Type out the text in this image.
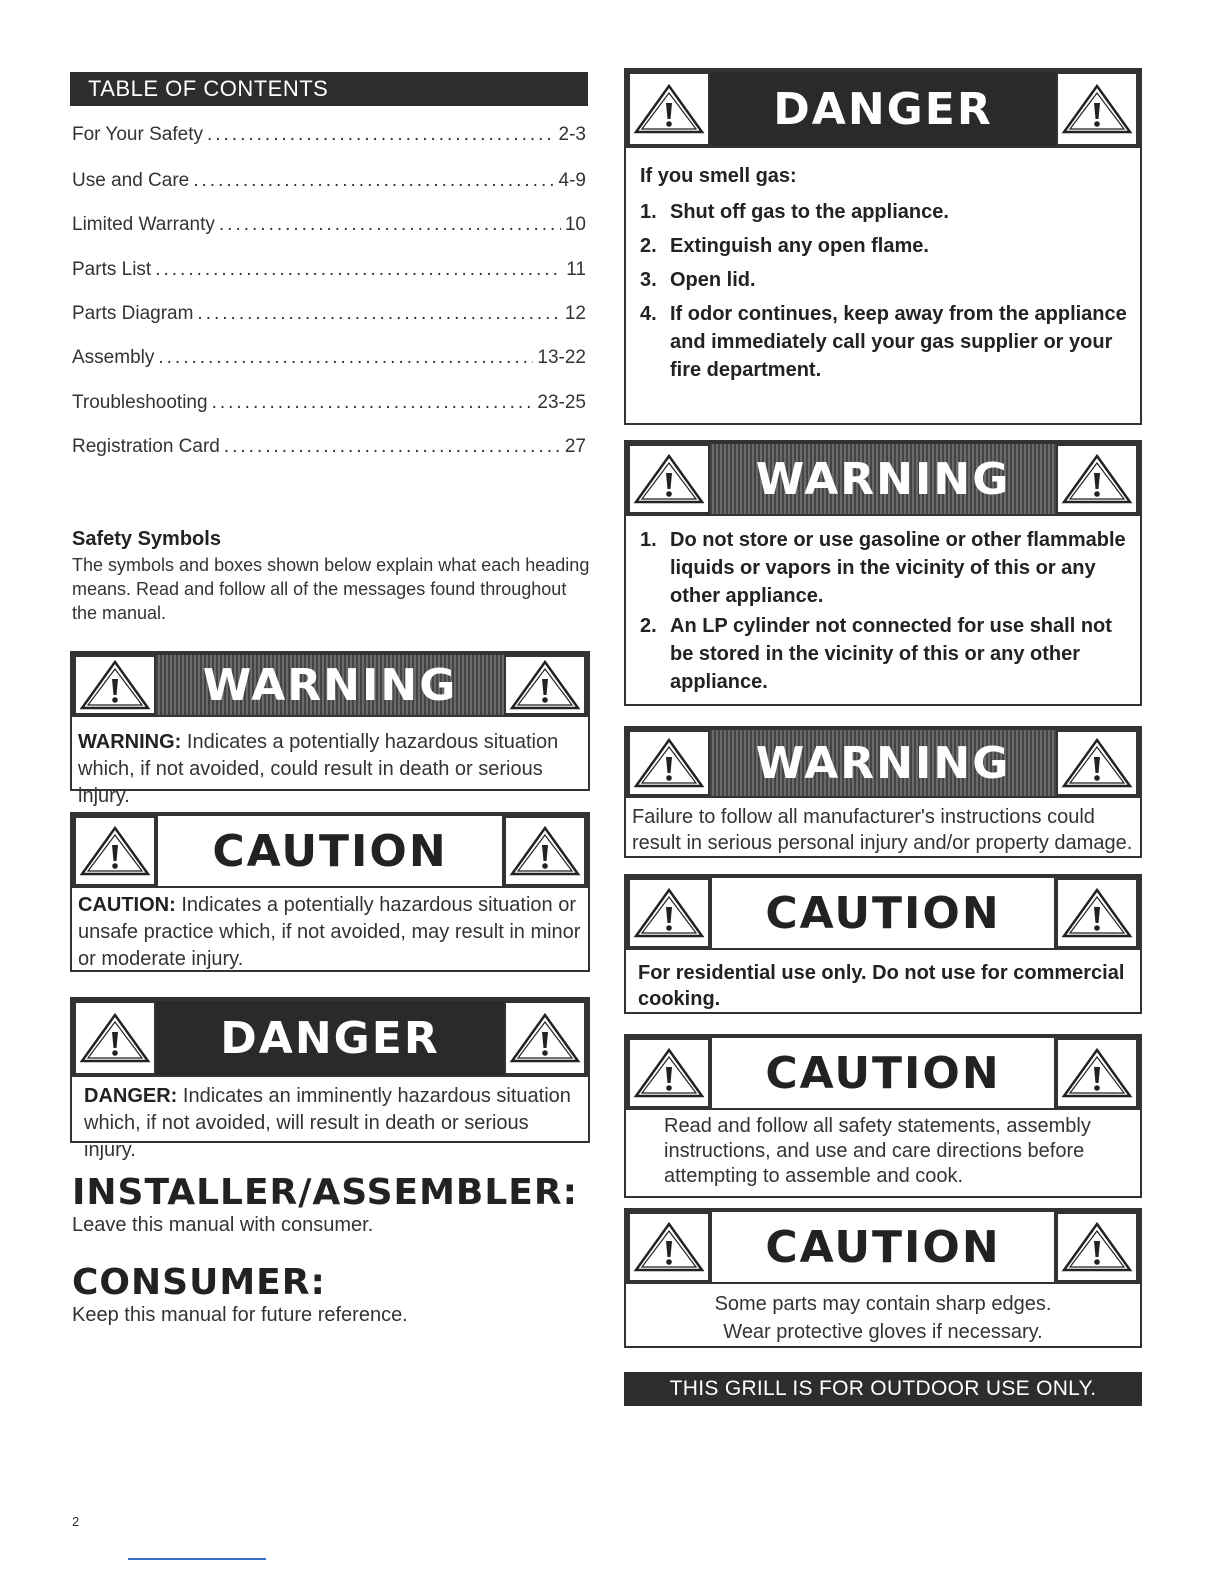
TABLE OF CONTENTS
For Your Safety .....	2-3
Use and Care .....	4-9
Limited Warranty .....	10
Parts List .....	11
Parts Diagram .....	12
Assembly .....	13-22
Troubleshooting .....	23-25
Registration Card .....	27
Safety Symbols
The symbols and boxes shown below explain what each heading means. Read and follow all of the messages found throughout the manual.
WARNING
WARNING: Indicates a potentially hazardous situation which, if not avoided, could result in death or serious injury.
CAUTION
CAUTION: Indicates a potentially hazardous situation or unsafe practice which, if not avoided, may result in minor or moderate injury.
DANGER
DANGER: Indicates an imminently hazardous situation which, if not avoided, will result in death or serious injury.
INSTALLER/ASSEMBLER:
Leave this manual with consumer.
CONSUMER:
Keep this manual for future reference.
DANGER
If you smell gas:
1. Shut off gas to the appliance.
2. Extinguish any open flame.
3. Open lid.
4. If odor continues, keep away from the appliance and immediately call your gas supplier or your fire department.
WARNING
1. Do not store or use gasoline or other flammable liquids or vapors in the vicinity of this or any other appliance.
2. An LP cylinder not connected for use shall not be stored in the vicinity of this or any other appliance.
WARNING
Failure to follow all manufacturer's instructions could result in serious personal injury and/or property damage.
CAUTION
For residential use only. Do not use for commercial cooking.
CAUTION
Read and follow all safety statements, assembly instructions, and use and care directions before attempting to assemble and cook.
CAUTION
Some parts may contain sharp edges.
Wear protective gloves if necessary.
THIS GRILL IS FOR OUTDOOR USE ONLY.
2
